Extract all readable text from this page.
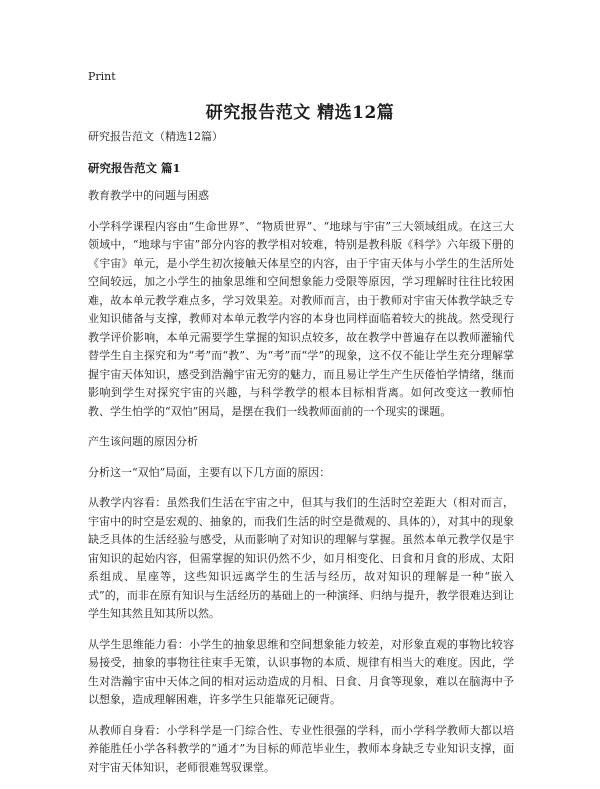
Print
研究报告范文 精选12篇

研究报告范文（精选12篇）

研究报告范文 篇1

教育教学中的问题与困惑

小学科学课程内容由“生命世界”、“物质世界”、“地球与宇宙”三大领域组成。在这三大领域中，“地球与宇宙”部分内容的教学相对较难，特别是教科版《科学》六年级下册的《宇宙》单元，是小学生初次接触天体星空的内容，由于宇宙天体与小学生的生活所处空间较远，加之小学生的抽象思维和空间想象能力受限等原因，学习理解时往往比较困难，故本单元教学难点多，学习效果差。对教师而言，由于教师对宇宙天体教学缺乏专业知识储备与支撑，教师对本单元教学内容的本身也同样面临着较大的挑战。然受现行教学评价影响，本单元需要学生掌握的知识点较多，故在教学中普遍存在以教师灌输代替学生自主探究和为“考”而“教”、为“考”而“学”的现象，这不仅不能让学生充分理解掌握宇宙天体知识，感受到浩瀚宇宙无穷的魅力，而且易让学生产生厌倦怕学情绪，继而影响到学生对探究宇宙的兴趣，与科学教学的根本目标相背离。如何改变这一教师怕教、学生怕学的“双怕”困局，是摆在我们一线教师面前的一个现实的课题。

产生该问题的原因分析

分析这一“双怕”局面，主要有以下几方面的原因：

从教学内容看：虽然我们生活在宇宙之中，但其与我们的生活时空差距大（相对而言，宇宙中的时空是宏观的、抽象的，而我们生活的时空是微观的、具体的），对其中的现象缺乏具体的生活经验与感受，从而影响了对知识的理解与掌握。虽然本单元教学仅是宇宙知识的起始内容，但需掌握的知识仍然不少，如月相变化、日食和月食的形成、太阳系组成、星座等，这些知识远离学生的生活与经历，故对知识的理解是一种“嵌入式”的，而非在原有知识与生活经历的基础上的一种演绎、归纳与提升，教学很难达到让学生知其然且知其所以然。

从学生思维能力看：小学生的抽象思维和空间想象能力较差，对形象直观的事物比较容易接受，抽象的事物往往束手无策，认识事物的本质、规律有相当大的难度。因此，学生对浩瀚宇宙中天体之间的相对运动造成的月相、日食、月食等现象，难以在脑海中予以想象，造成理解困难，许多学生只能靠死记硬背。

从教师自身看：小学科学是一门综合性、专业性很强的学科，而小学科学教师大都以培养能胜任小学各科教学的“通才”为目标的师范毕业生，教师本身缺乏专业知识支撑，面对宇宙天体知识，老师很难驾驭课堂。
